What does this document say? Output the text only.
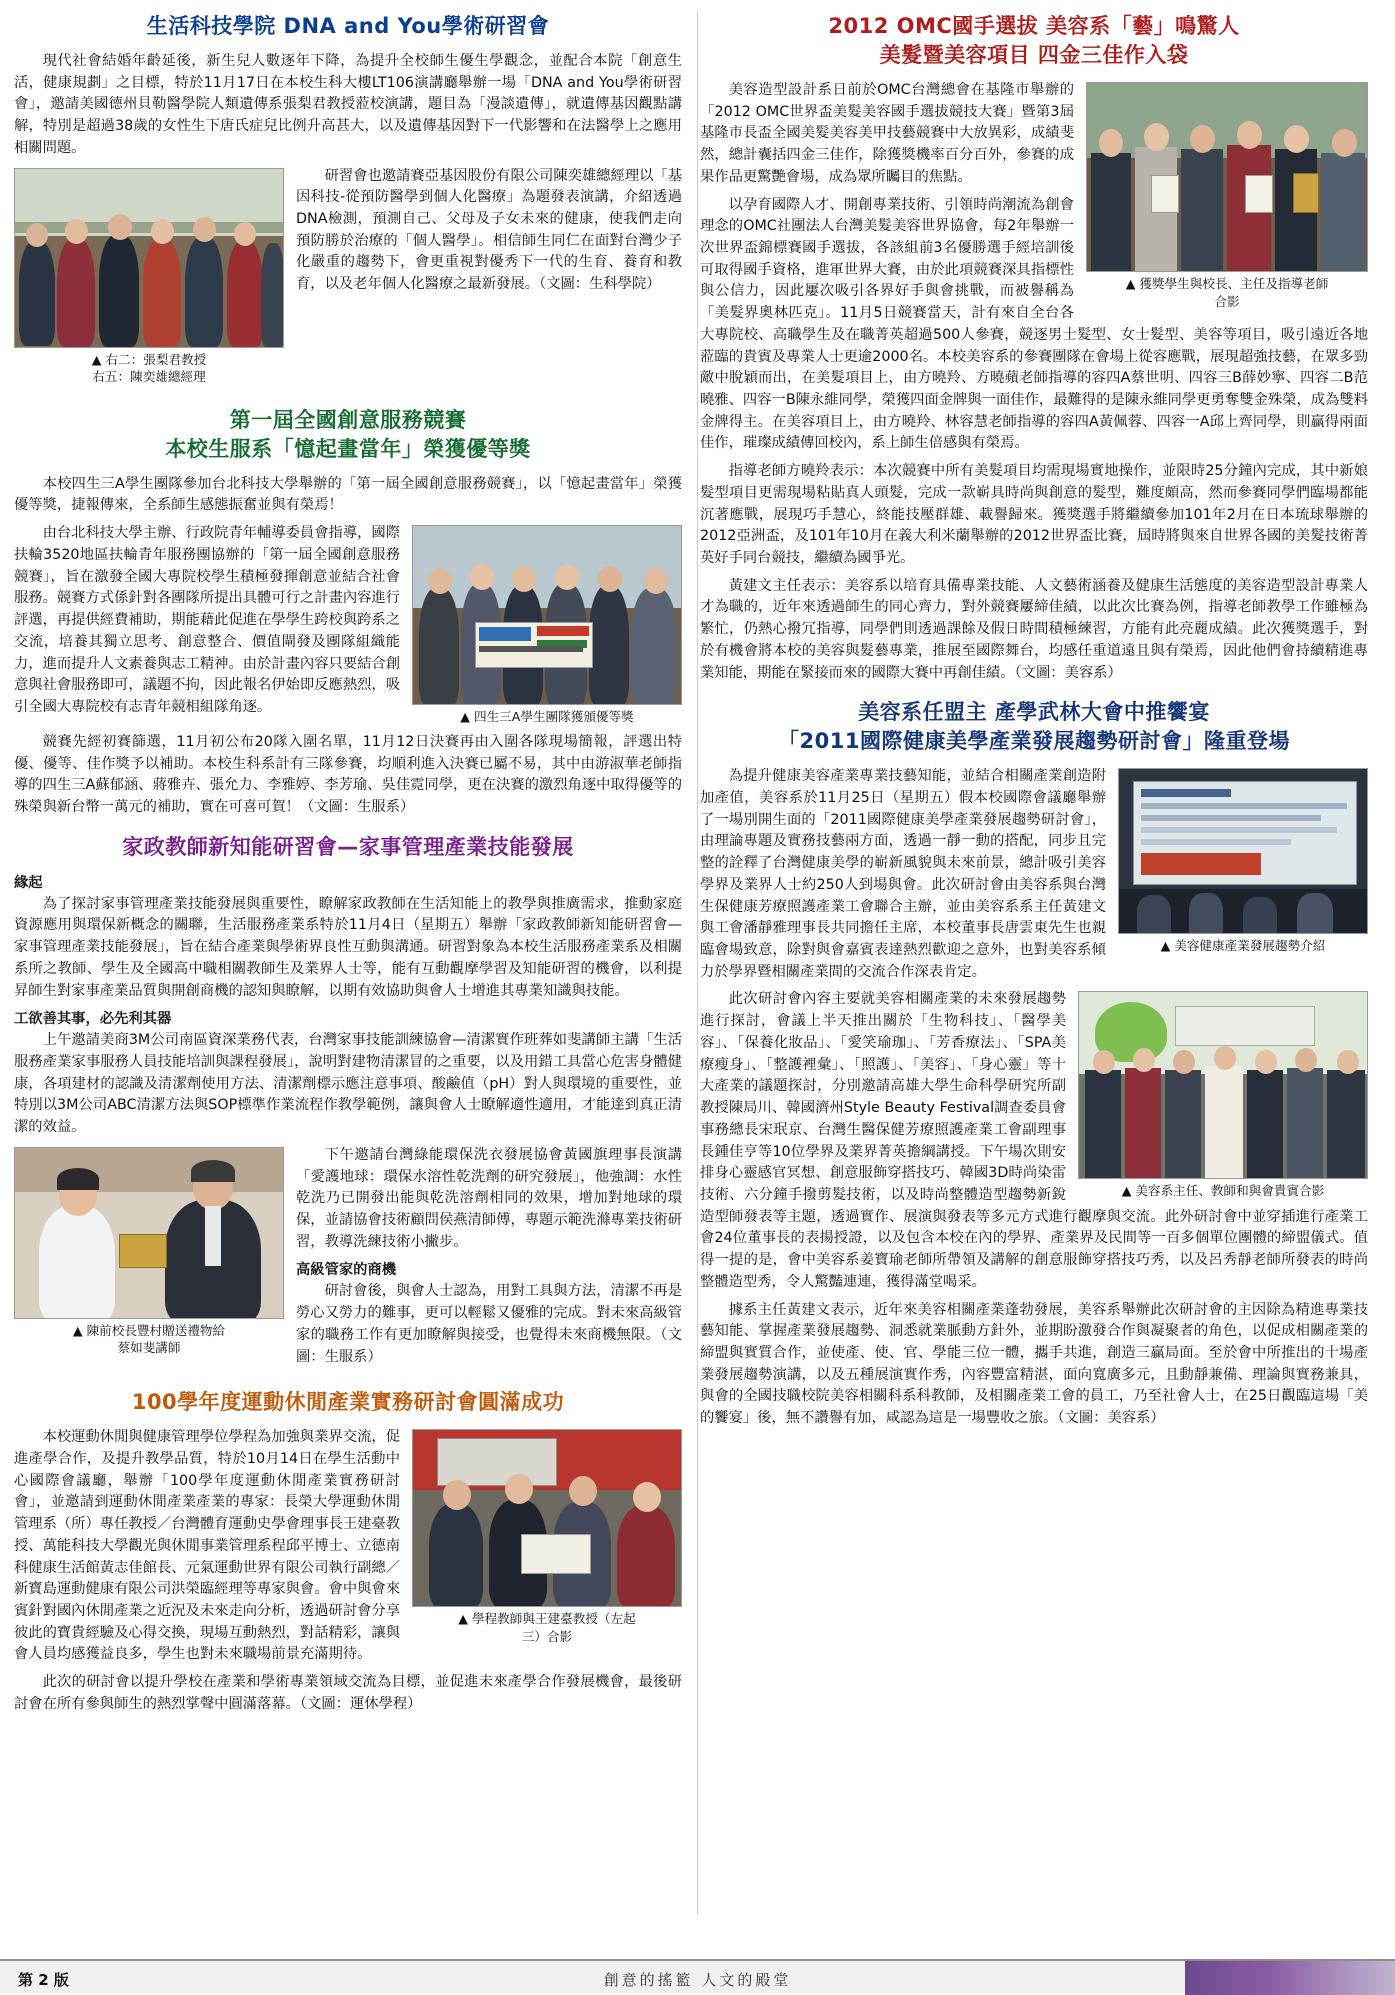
生活科技學院 DNA and You學術研習會

現代社會結婚年齡延後，新生兒人數逐年下降，為提升全校師生優生學觀念，並配合本院「創意生活，健康規劃」之目標，特於11月17日在本校生科大樓LT106演講廳舉辦一場「DNA and You學術研習會」，邀請美國德州貝勒醫學院人類遺傳系張梨君教授蒞校演講，題目為「漫談遺傳」，就遺傳基因觀點講解，特別是超過38歲的女性生下唐氏症兒比例升高甚大，以及遺傳基因對下一代影響和在法醫學上之應用相關問題。

▲ 右二：張梨君教授
右五：陳奕雄總經理

研習會也邀請賽亞基因股份有限公司陳奕雄總經理以「基因科技-從預防醫學到個人化醫療」為題發表演講，介紹透過DNA檢測，預測自己、父母及子女未來的健康，使我們走向預防勝於治療的「個人醫學」。相信師生同仁在面對台灣少子化嚴重的趨勢下，會更重視對優秀下一代的生育、養育和教育，以及老年個人化醫療之最新發展。（文圖：生科學院）

第一屆全國創意服務競賽
本校生服系「憶起畫當年」榮獲優等獎

本校四生三A學生團隊參加台北科技大學舉辦的「第一屆全國創意服務競賽」，以「憶起畫當年」榮獲優等獎，捷報傳來，全系師生感態振奮並與有榮焉！

▲ 四生三A學生團隊獲頒優等獎

由台北科技大學主辦、行政院青年輔導委員會指導，國際扶輪3520地區扶輪青年服務團協辦的「第一屆全國創意服務競賽」，旨在激發全國大專院校學生積極發揮創意並結合社會服務。競賽方式係針對各團隊所提出具體可行之計畫內容進行評選，再提供經費補助，期能藉此促進在學學生跨校與跨系之交流，培養其獨立思考、創意整合、價值閘發及團隊組織能力，進而提升人文素養與志工精神。由於計畫內容只要結合創意與社會服務即可，議題不拘，因此報名伊始即反應熱烈，吸引全國大專院校有志青年競相組隊角逐。

競賽先經初賽篩選，11月初公布20隊入圍名單，11月12日決賽再由入圍各隊現場簡報，評選出特優、優等、佳作獎予以補助。本校生科系計有三隊參賽，均順利進入決賽已屬不易，其中由游淑華老師指導的四生三A蘇郁涵、蔣雅卉、張允力、李雅婷、李芳瑜、吳佳霓同學，更在決賽的激烈角逐中取得優等的殊榮與新台幣一萬元的補助，實在可喜可賀！（文圖：生服系）

家政教師新知能研習會—家事管理產業技能發展

緣起

為了探討家事管理產業技能發展與重要性，瞭解家政教師在生活知能上的教學與推廣需求，推動家庭資源應用與環保新概念的關聯，生活服務產業系特於11月4日（星期五）舉辦「家政教師新知能研習會—家事管理產業技能發展」，旨在結合產業與學術界良性互動與溝通。研習對象為本校生活服務產業系及相關系所之教師、學生及全國高中職相關教師生及業界人士等，能有互動觀摩學習及知能研習的機會，以利提昇師生對家事產業品質與開創商機的認知與瞭解，以期有效協助與會人士增進其專業知識與技能。

工欲善其事，必先利其器

上午邀請美商3M公司南區資深業務代表，台灣家事技能訓練協會—清潔實作班葬如斐講師主講「生活服務產業家事服務人員技能培訓與課程發展」，說明對建物清潔冒的之重要，以及用錯工具當心危害身體健康，各項建材的認識及清潔劑使用方法、清潔劑標示應注意事項、酸鹼值（pH）對人與環境的重要性，並特別以3M公司ABC清潔方法與SOP標準作業流程作教學範例，讓與會人士瞭解適性適用，才能達到真正清潔的效益。

▲ 陳前校長豐村贈送禮物給
蔡如斐講師

下午邀請台灣綠能環保洗衣發展協會黃國旗理事長演講「愛護地球：環保水溶性乾洗劑的研究發展」，他強調：水性乾洗乃已開發出能與乾洗溶劑相同的效果，增加對地球的環保，並請協會技術顧問侯燕清師傅，專題示範洗滌專業技術研習，教導洗練技術小撇步。

高級管家的商機

研討會後，與會人士認為，用對工具與方法，清潔不再是勞心又勞力的難事，更可以輕鬆又優雅的完成。對未來高級管家的職務工作有更加瞭解與接受，也覺得未來商機無限。（文圖：生服系）

100學年度運動休閒產業實務研討會圓滿成功
▲ 學程教師與王建臺教授（左起
三）合影

本校運動休閒與健康管理學位學程為加強與業界交流，促進產學合作，及提升教學品質，特於10月14日在學生活動中心國際會議廳，舉辦「100學年度運動休閒產業實務研討會」，並邀請到運動休閒產業產業的專家：長榮大學運動休閒管理系（所）專任教授／台灣體育運動史學會理事長王建臺教授、萬能科技大學觀光與休閒事業管理系程邱平博士、立德南科健康生活館黃志佳館長、元氣運動世界有限公司執行副總／新寶島運動健康有限公司洪榮臨經理等專家與會。會中與會來賓針對國內休閒產業之近況及未來走向分析，透過研討會分享彼此的寶貴經驗及心得交換，現場互動熱烈，對話精彩，讓與會人員均感獲益良多，學生也對未來職場前景充滿期待。

此次的研討會以提升學校在產業和學術專業領域交流為目標，並促進未來產學合作發展機會，最後研討會在所有參與師生的熱烈掌聲中圓滿落幕。（文圖：運休學程）

2012 OMC國手選拔 美容系「藝」鳴驚人
美髮暨美容項目 四金三佳作入袋
▲ 獲獎學生與校長、主任及指導老師
合影

美容造型設計系日前於OMC台灣總會在基隆市舉辦的「2012 OMC世界盃美髮美容國手選拔競技大賽」暨第3屆基隆市長盃全國美髮美容美甲技藝競賽中大放異彩，成績斐然，總計囊括四金三佳作，除獲獎機率百分百外，參賽的成果作品更驚艷會場，成為眾所矚目的焦點。

以孕育國際人才、開創專業技術、引領時尚潮流為創會理念的OMC社團法人台灣美髮美容世界協會，每2年舉辦一次世界盃錦標賽國手選拔，各該組前3名優勝選手經培訓後可取得國手資格，進軍世界大賽，由於此項競賽深具指標性與公信力，因此屢次吸引各界好手與會挑戰，而被譽稱為「美髮界奧林匹克」。11月5日競賽當天，計有來自全台各大專院校、高職學生及在職菁英超過500人參賽，競逐男士髮型、女士髮型、美容等項目，吸引遠近各地蒞臨的貴賓及專業人士更逾2000名。本校美容系的參賽團隊在會場上從容應戰，展現超強技藝，在眾多勁敵中脫穎而出，在美髮項目上，由方曉羚、方曉蘋老師指導的容四A蔡世明、四容三B薛妙寧、四容二B范曉雅、四容一B陳永維同學，榮獲四面金牌與一面佳作，最難得的是陳永維同學更勇奪雙金殊榮，成為雙料金牌得主。在美容項目上，由方曉羚、林容慧老師指導的容四A黃佩蓉、四容一A邱上齊同學，則贏得兩面佳作，璀璨成績傳回校內，系上師生倍感與有榮焉。

指導老師方曉羚表示：本次競賽中所有美髮項目均需現場實地操作，並限時25分鐘內完成，其中新娘髮型項目更需現場粘貼真人頭髮，完成一款嶄具時尚與創意的髮型，難度頗高，然而參賽同學們臨場都能沉著應戰，展現巧手慧心，終能技壓群雄、載譽歸來。獲獎選手將繼續參加101年2月在日本琉球舉辦的2012亞洲盃，及101年10月在義大利米蘭舉辦的2012世界盃比賽，屆時將與來自世界各國的美髮技術菁英好手同台競技，繼續為國爭光。

黃建文主任表示：美容系以培育具備專業技能、人文藝術涵養及健康生活態度的美容造型設計專業人才為職的，近年來透過師生的同心齊力，對外競賽屢締佳績，以此次比賽為例，指導老師教學工作雖極為繁忙，仍熱心撥冗指導，同學們則透過課餘及假日時間積極練習，方能有此亮麗成績。此次獲獎選手，對於有機會將本校的美容與髮藝專業，推展至國際舞台，均感任重道遠且與有榮焉，因此他們會持續精進專業知能，期能在緊接而來的國際大賽中再創佳績。（文圖：美容系）

美容系任盟主 產學武林大會中推饗宴
「2011國際健康美學產業發展趨勢研討會」隆重登場
▲ 美容健康產業發展趨勢介紹

為提升健康美容產業專業技藝知能，並結合相關產業創造附加產值，美容系於11月25日（星期五）假本校國際會議廳舉辦了一場別開生面的「2011國際健康美學產業發展趨勢研討會」，由理論專題及實務技藝兩方面，透過一靜一動的搭配，同步且完整的詮釋了台灣健康美學的嶄新風貌與未來前景，總計吸引美容學界及業界人士約250人到場與會。此次研討會由美容系與台灣生保健康芳療照護產業工會聯合主辦，並由美容系系主任黃建文與工會潘靜雅理事長共同擔任主席，本校董事長唐雲東先生也親臨會場致意，除對與會嘉賓表達熱烈歡迎之意外，也對美容系傾力於學界暨相關產業間的交流合作深表肯定。

▲ 美容系主任、教師和與會貴賓合影

此次研討會內容主要就美容相關產業的未來發展趨勢進行探討，會議上半天推出關於「生物科技」、「醫學美容」、「保養化妝品」、「愛笑瑜珈」、「芳香療法」、「SPA美療瘦身」、「整護裡彙」、「照護」、「美容」、「身心靈」等十大產業的議題探討，分別邀請高雄大學生命科學研究所副教授陳局川、韓國濟州Style Beauty Festival調查委員會事務總長宋珉京、台灣生醫保健芳療照護產業工會副理事長鍾佳亨等10位學界及業界菁英擔綱講授。下午場次則安排身心靈感官冥想、創意服飾穿搭技巧、韓國3D時尚染雷技術、六分鐘手撥剪髮技術，以及時尚整體造型趨勢新銳造型師發表等主題，透過實作、展演與發表等多元方式進行觀摩與交流。此外研討會中並穿插進行產業工會24位董事長的表揚授證，以及包含本校在內的學界、產業界及民間等一百多個單位團體的締盟儀式。值得一提的是，會中美容系姜寶瑜老師所帶領及講解的創意服飾穿搭技巧秀，以及呂秀靜老師所發表的時尚整體造型秀，令人驚豔連連，獲得滿堂喝采。

據系主任黃建文表示，近年來美容相關產業蓬勃發展，美容系舉辦此次研討會的主因除為精進專業技藝知能、掌握產業發展趨勢、洞悉就業脈動方針外，並期盼激發合作與凝聚者的角色，以促成相關產業的締盟與實質合作，並使產、使、官、學能三位一體，攜手共進，創造三贏局面。至於會中所推出的十場產業發展趨勢演講，以及五種展演實作秀，內容豐富精湛，面向寬廣多元，且動靜兼備、理論與實務兼具，與會的全國技職校院美容相關科系科教師，及相關產業工會的員工，乃至社會人士，在25日觀臨這場「美的饗宴」後，無不讚譽有加，咸認為這是一場豐收之旅。（文圖：美容系）

第 2 版	創意的搖籃 人文的殿堂
